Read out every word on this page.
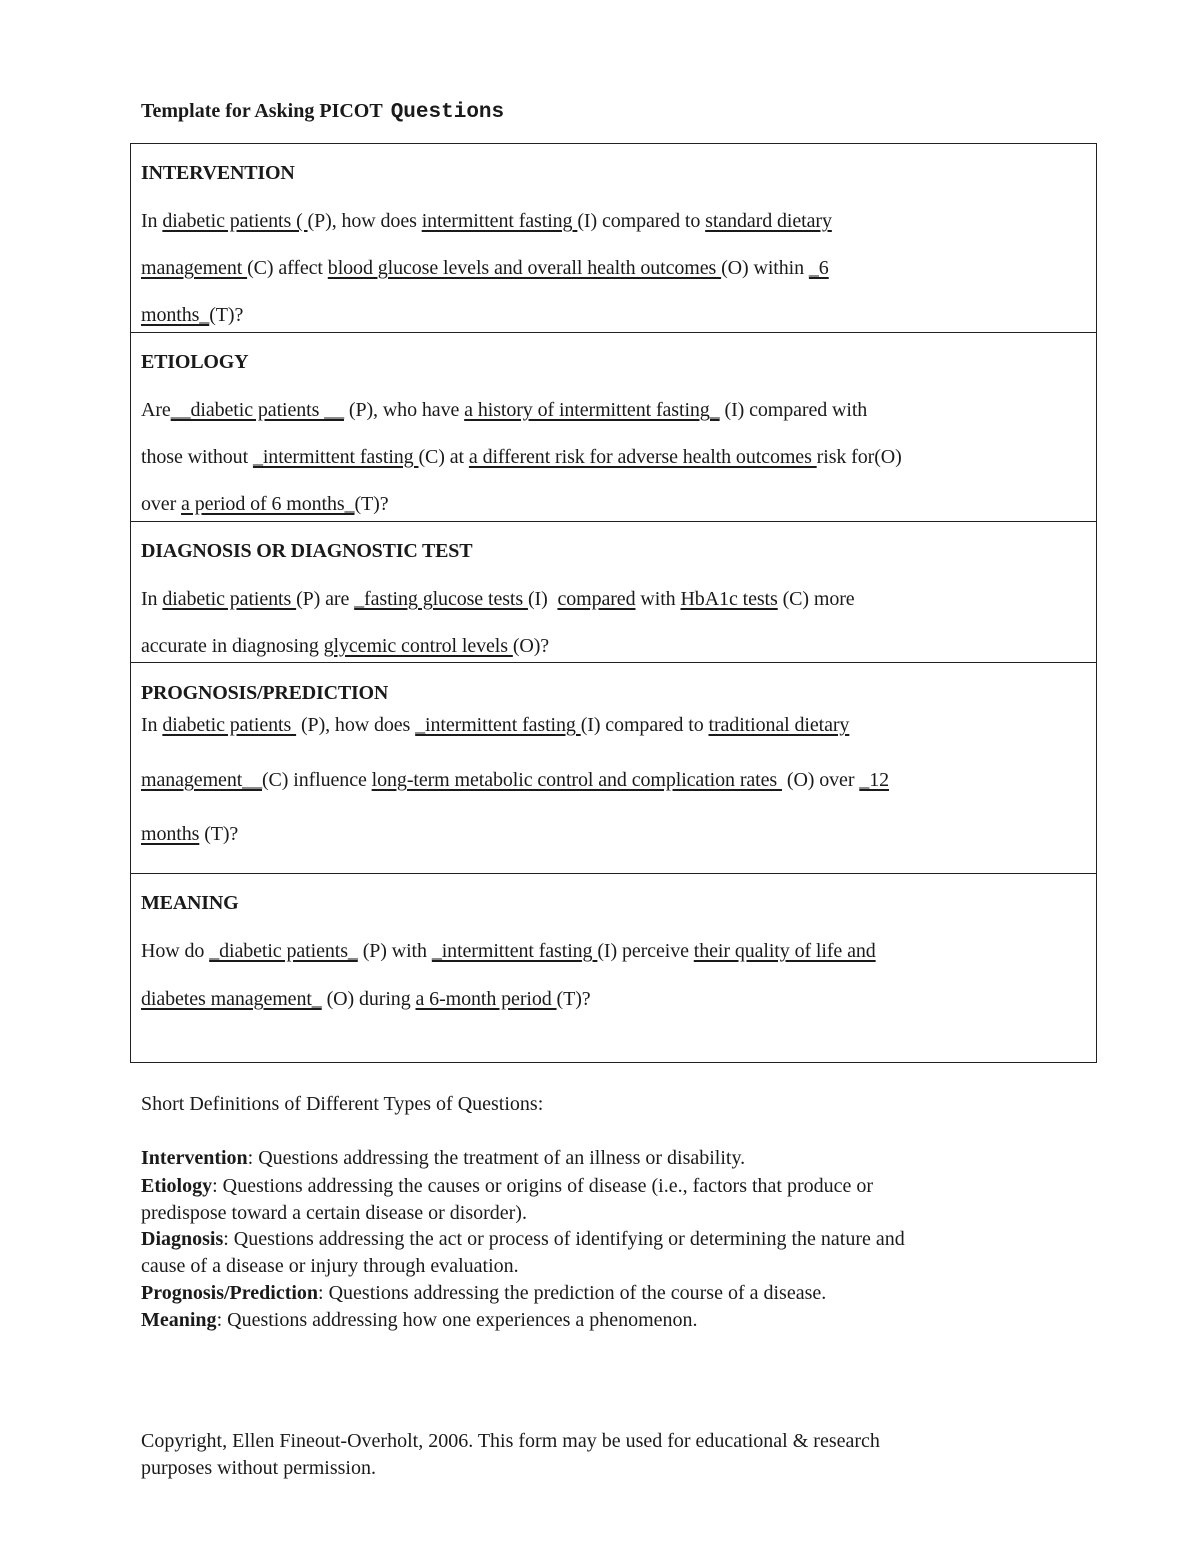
Template for Asking PICOT Questions
INTERVENTION
In diabetic patients ( (P), how does intermittent fasting (I) compared to standard dietary
management (C) affect blood glucose levels and overall health outcomes (O) within _6
months_(T)?
ETIOLOGY
Are__diabetic patients __ (P), who have a history of intermittent fasting_ (I) compared with
those without _intermittent fasting (C) at a different risk for adverse health outcomes risk for(O)
over a period of 6 months_(T)?
DIAGNOSIS OR DIAGNOSTIC TEST
In diabetic patients (P) are _fasting glucose tests (I)  compared with HbA1c tests (C) more
accurate in diagnosing glycemic control levels (O)?
PROGNOSIS/PREDICTION
In diabetic patients  (P), how does _intermittent fasting (I) compared to traditional dietary
management__(C) influence long-term metabolic control and complication rates  (O) over _12
months (T)?
MEANING
How do _diabetic patients_ (P) with _intermittent fasting (I) perceive their quality of life and
diabetes management_ (O) during a 6-month period (T)?
Short Definitions of Different Types of Questions:
Intervention: Questions addressing the treatment of an illness or disability.
Etiology: Questions addressing the causes or origins of disease (i.e., factors that produce or
predispose toward a certain disease or disorder).
Diagnosis: Questions addressing the act or process of identifying or determining the nature and
cause of a disease or injury through evaluation.
Prognosis/Prediction: Questions addressing the prediction of the course of a disease.
Meaning: Questions addressing how one experiences a phenomenon.
Copyright, Ellen Fineout-Overholt, 2006. This form may be used for educational & research
purposes without permission.
